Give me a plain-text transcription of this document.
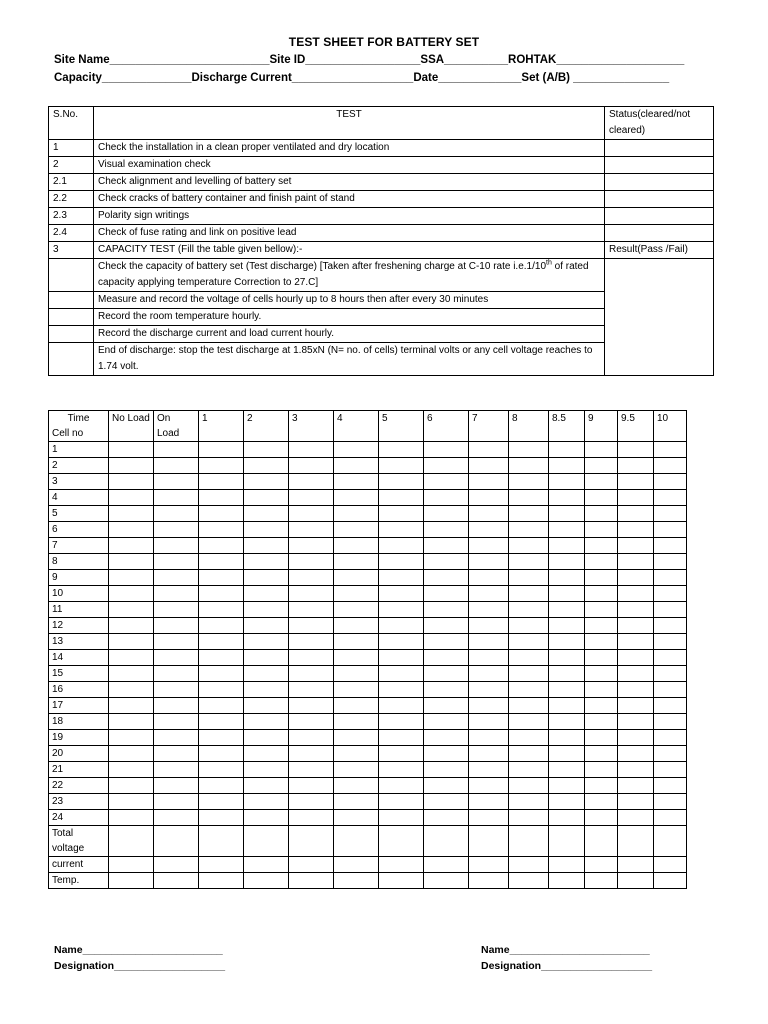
TEST SHEET FOR BATTERY SET
Site Name_________________________Site ID__________________SSA__________ROHTAK____________________
Capacity______________Discharge Current___________________Date_____________Set (A/B) _______________
S.No.	TEST	Status(cleared/not cleared)
1	Check the installation in a clean proper ventilated and dry location	
2	Visual examination check	
2.1	Check alignment and levelling of battery set	
2.2	Check cracks of battery container and finish paint of stand	
2.3	Polarity sign writings	
2.4	Check of fuse rating and link on positive lead	
3	CAPACITY TEST (Fill the table given bellow):-	Result(Pass /Fail)
	Check the capacity of battery set (Test discharge) [Taken after freshening charge at C-10 rate i.e.1/10th of rated capacity applying temperature Correction to 27.C]	
	Measure and record the voltage of cells hourly up to 8 hours then after every 30 minutes	
	Record the room temperature hourly.	
	Record the discharge current and load current hourly.	
	End of discharge: stop the test discharge at 1.85xN (N= no. of cells) terminal volts or any cell voltage reaches to 1.74 volt.	
Time
Cell no	No Load	On Load	1	2	3	4	5	6	7	8	8.5	9	9.5	10
1														
2														
3														
4														
5														
6														
7														
8														
9														
10														
11														
12														
13														
14														
15														
16														
17														
18														
19														
20														
21														
22														
23														
24														
Total voltage														
current														
Temp.														
Name________________________
Designation___________________
Name________________________
Designation___________________
